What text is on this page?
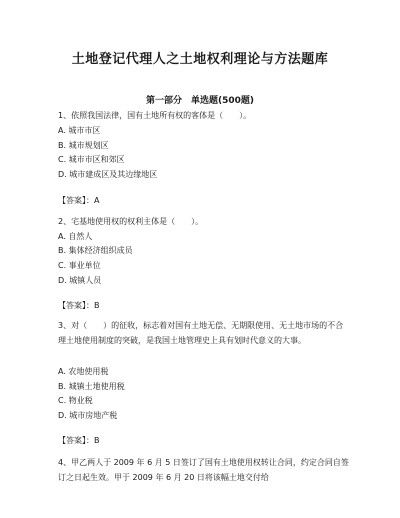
土地登记代理人之土地权利理论与方法题库
第一部分　单选题(500题)
1、依照我国法律，国有土地所有权的客体是（　　）。
A. 城市市区
B. 城市规划区
C. 城市市区和郊区
D. 城市建成区及其边缘地区
【答案】：A
2、宅基地使用权的权利主体是（　　）。
A. 自然人
B. 集体经济组织成员
C. 事业单位
D. 城镇人员
【答案】：B
3、对（　　）的征收，标志着对国有土地无偿、无期限使用、无土地市场的不合理土地使用制度的突破，是我国土地管理史上具有划时代意义的大事。
A. 农地使用税
B. 城镇土地使用税
C. 物业税
D. 城市房地产税
【答案】：B
4、甲乙两人于 2009 年 6 月 5 日签订了国有土地使用权转让合同，约定合同自签订之日起生效。甲于 2009 年 6 月 20 日将该幅土地交付给
